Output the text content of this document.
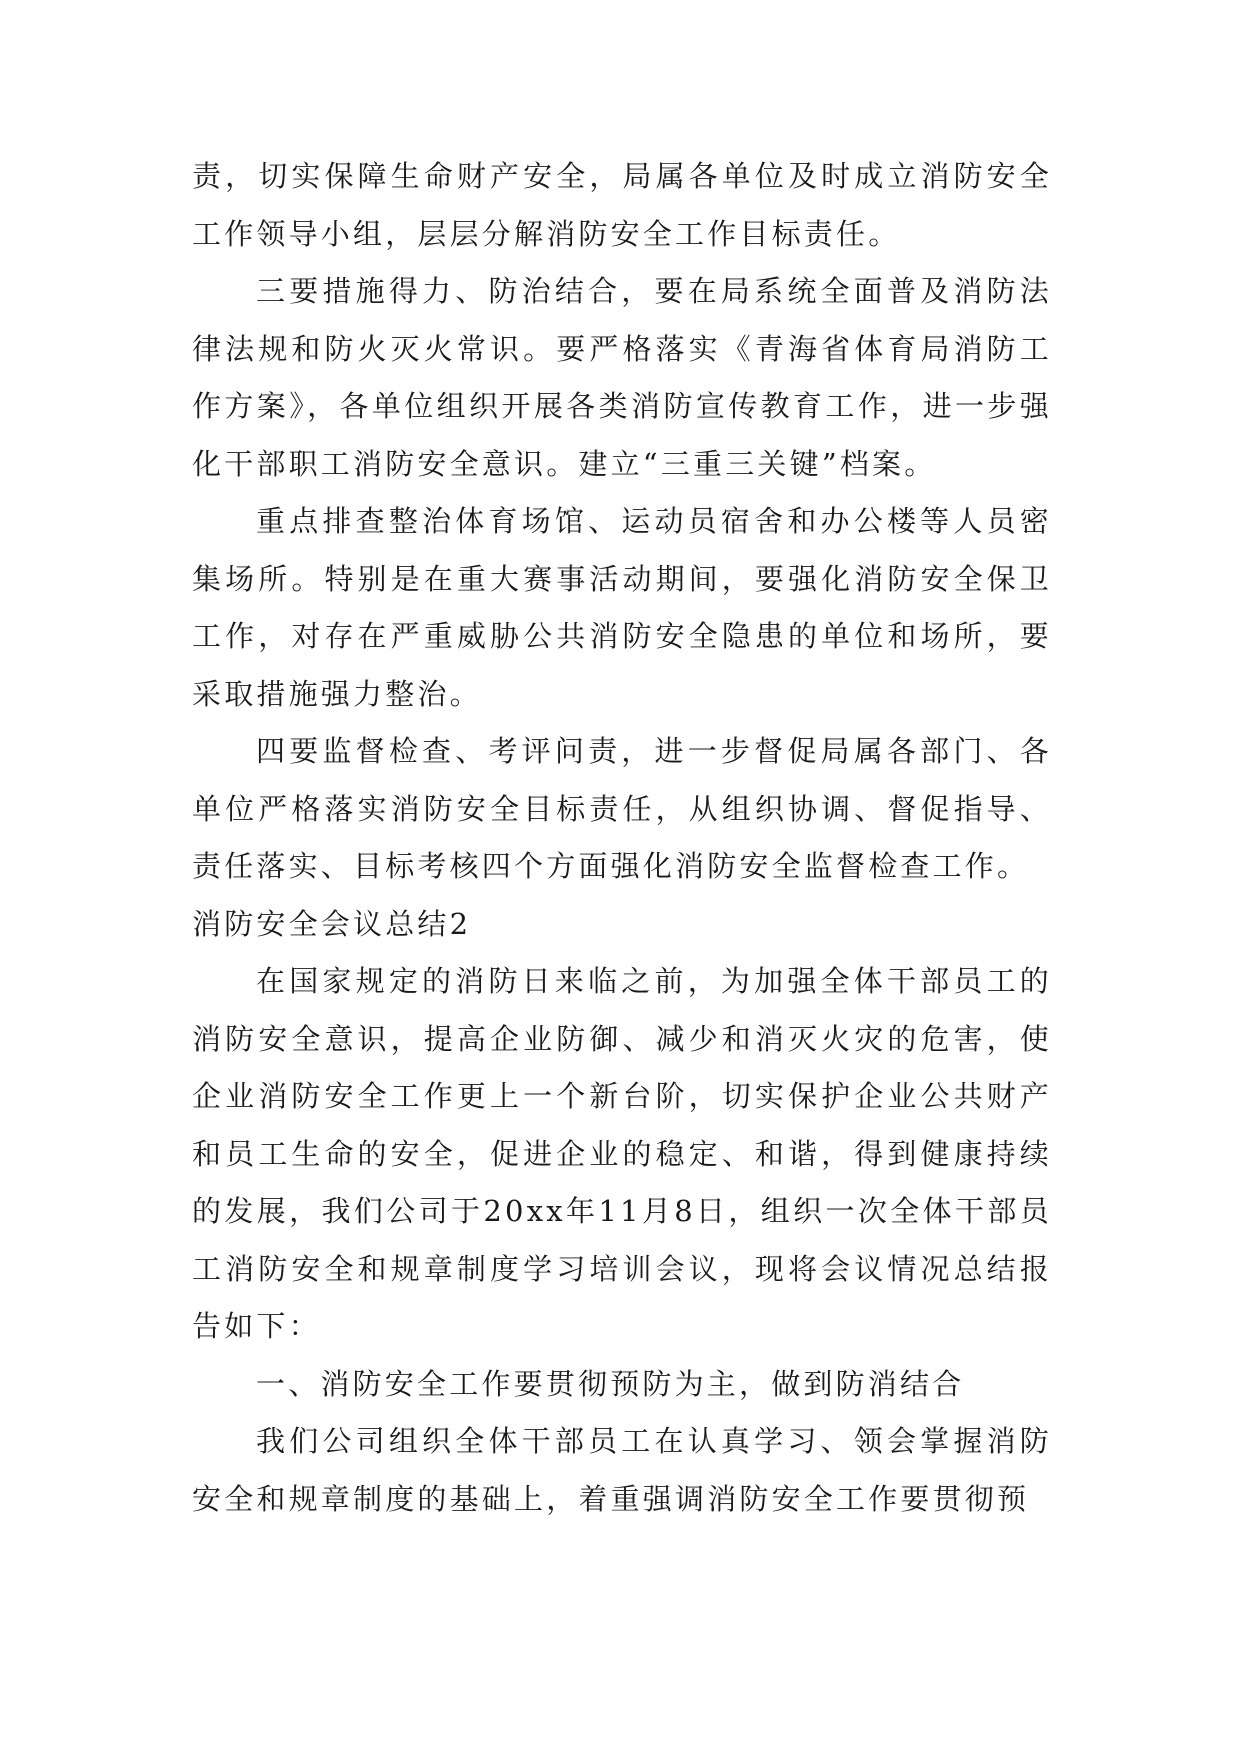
责，切实保障生命财产安全，局属各单位及时成立消防安全工作领导小组，层层分解消防安全工作目标责任。

三要措施得力、防治结合，要在局系统全面普及消防法律法规和防火灭火常识。要严格落实《青海省体育局消防工作方案》，各单位组织开展各类消防宣传教育工作，进一步强化干部职工消防安全意识。建立“三重三关键”档案。

重点排查整治体育场馆、运动员宿舍和办公楼等人员密集场所。特别是在重大赛事活动期间，要强化消防安全保卫工作，对存在严重威胁公共消防安全隐患的单位和场所，要采取措施强力整治。

四要监督检查、考评问责，进一步督促局属各部门、各单位严格落实消防安全目标责任，从组织协调、督促指导、责任落实、目标考核四个方面强化消防安全监督检查工作。

消防安全会议总结2

在国家规定的消防日来临之前，为加强全体干部员工的消防安全意识，提高企业防御、减少和消灭火灾的危害，使企业消防安全工作更上一个新台阶，切实保护企业公共财产和员工生命的安全，促进企业的稳定、和谐，得到健康持续的发展，我们公司于20xx年11月8日，组织一次全体干部员工消防安全和规章制度学习培训会议，现将会议情况总结报告如下：

一、消防安全工作要贯彻预防为主，做到防消结合

我们公司组织全体干部员工在认真学习、领会掌握消防安全和规章制度的基础上，着重强调消防安全工作要贯彻预
